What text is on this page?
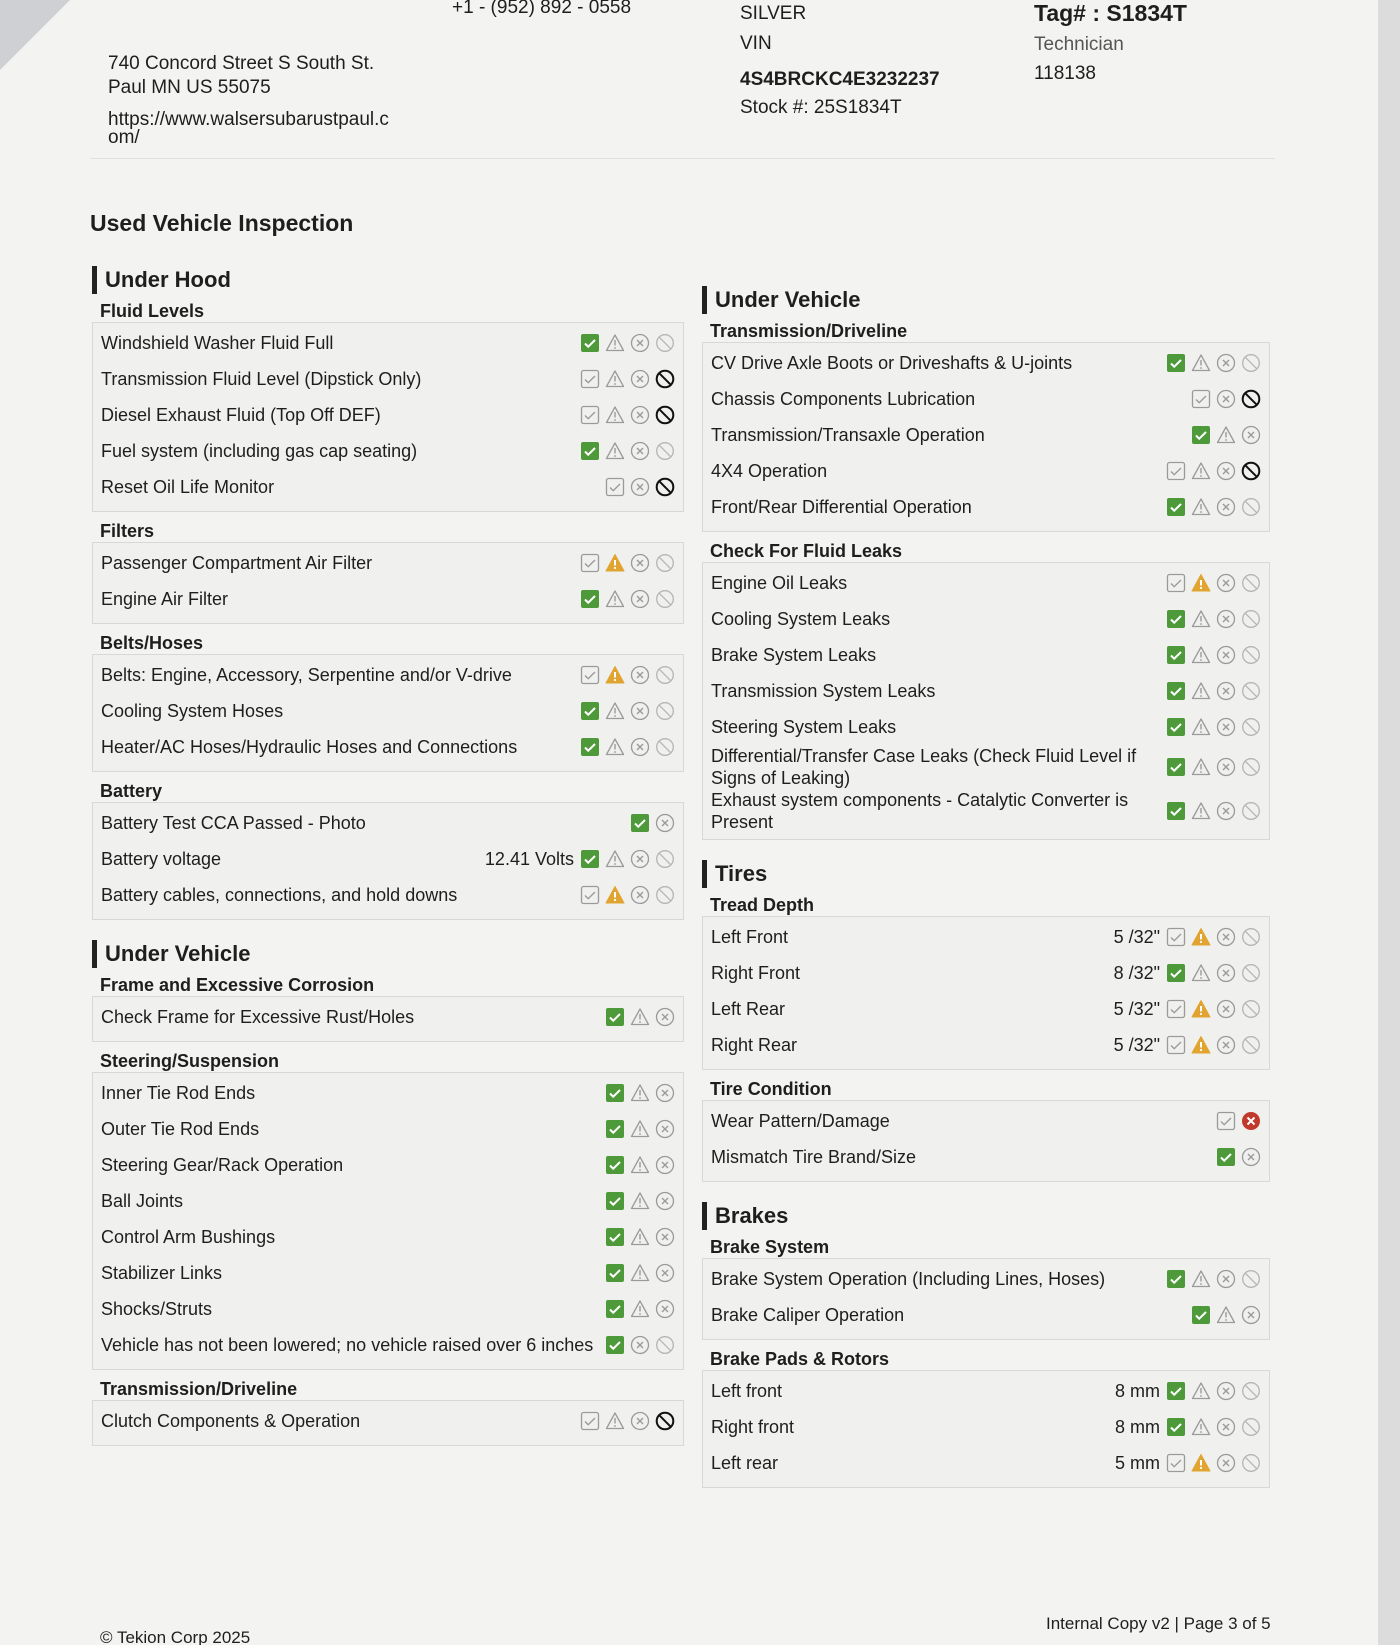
+1 - (952) 892 - 0558
740 Concord Street S South St.
Paul MN US 55075
https://www.walsersubarustpaul.c
om/
SILVER
VIN
4S4BRCKC4E3232237
Stock #: 25S1834T
Tag# : S1834T
Technician
118138
Used Vehicle Inspection
Under Hood
Fluid Levels
Windshield Washer Fluid Full
Transmission Fluid Level (Dipstick Only)
Diesel Exhaust Fluid (Top Off DEF)
Fuel system (including gas cap seating)
Reset Oil Life Monitor
Filters
Passenger Compartment Air Filter
Engine Air Filter
Belts/Hoses
Belts: Engine, Accessory, Serpentine and/or V-drive
Cooling System Hoses
Heater/AC Hoses/Hydraulic Hoses and Connections
Battery
Battery Test CCA Passed - Photo
Battery voltage	12.41 Volts
Battery cables, connections, and hold downs
Under Vehicle
Frame and Excessive Corrosion
Check Frame for Excessive Rust/Holes
Steering/Suspension
Inner Tie Rod Ends
Outer Tie Rod Ends
Steering Gear/Rack Operation
Ball Joints
Control Arm Bushings
Stabilizer Links
Shocks/Struts
Vehicle has not been lowered; no vehicle raised over 6 inches
Transmission/Driveline
Clutch Components & Operation
Under Vehicle
Transmission/Driveline
CV Drive Axle Boots or Driveshafts & U-joints
Chassis Components Lubrication
Transmission/Transaxle Operation
4X4 Operation
Front/Rear Differential Operation
Check For Fluid Leaks
Engine Oil Leaks
Cooling System Leaks
Brake System Leaks
Transmission System Leaks
Steering System Leaks
Differential/Transfer Case Leaks (Check Fluid Level if Signs of Leaking)
Exhaust system components - Catalytic Converter is Present
Tires
Tread Depth
Left Front	5 /32"
Right Front	8 /32"
Left Rear	5 /32"
Right Rear	5 /32"
Tire Condition
Wear Pattern/Damage
Mismatch Tire Brand/Size
Brakes
Brake System
Brake System Operation (Including Lines, Hoses)
Brake Caliper Operation
Brake Pads & Rotors
Left front	8 mm
Right front	8 mm
Left rear	5 mm
© Tekion Corp 2025
Internal Copy v2 | Page 3 of 5
